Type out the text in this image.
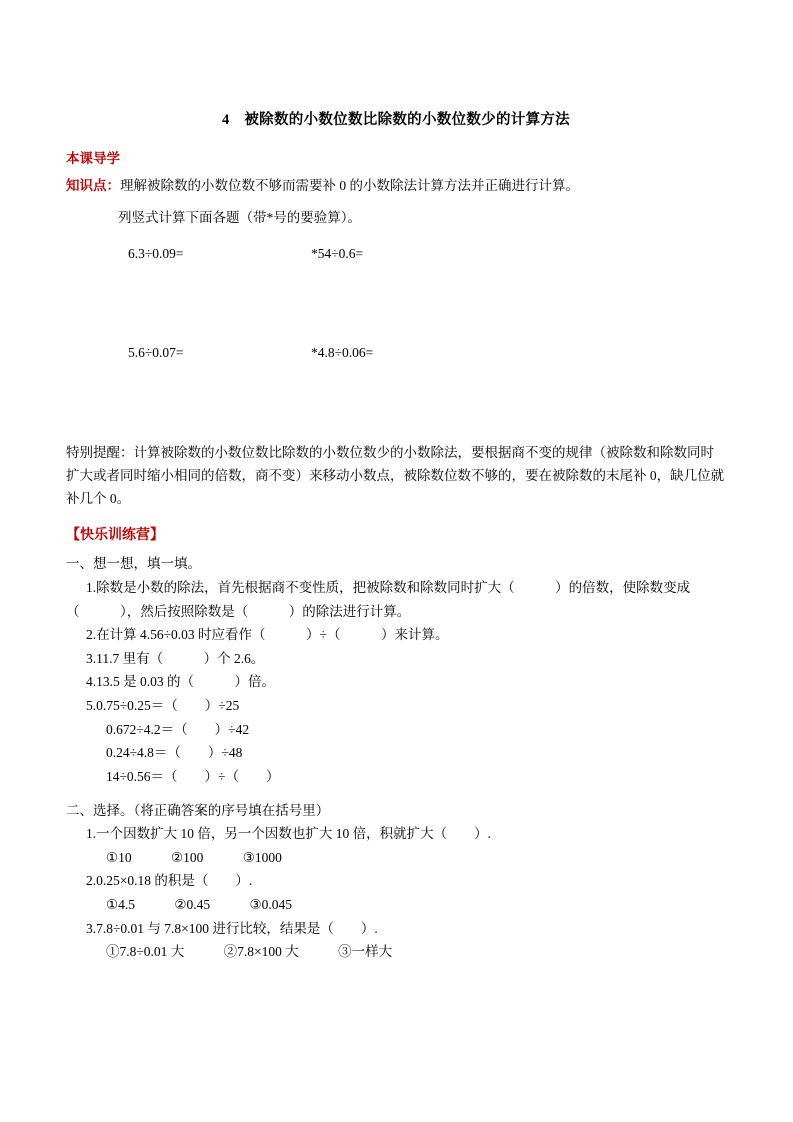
4　被除数的小数位数比除数的小数位数少的计算方法
本课导学
知识点：理解被除数的小数位数不够而需要补 0 的小数除法计算方法并正确进行计算。
列竖式计算下面各题（带*号的要验算）。
6.3÷0.09=	*54÷0.6=
5.6÷0.07=	*4.8÷0.06=
特别提醒：计算被除数的小数位数比除数的小数位数少的小数除法，要根据商不变的规律（被除数和除数同时扩大或者同时缩小相同的倍数，商不变）来移动小数点，被除数位数不够的，要在被除数的末尾补 0，缺几位就补几个 0。
【快乐训练营】
一、想一想，填一填。
1.除数是小数的除法，首先根据商不变性质，把被除数和除数同时扩大（　　　）的倍数，使除数变成
（　　　），然后按照除数是（　　　）的除法进行计算。
2.在计算 4.56÷0.03 时应看作（　　　）÷（　　　）来计算。
3.11.7 里有（　　　）个 2.6。
4.13.5 是 0.03 的（　　　）倍。
5.0.75÷0.25＝（　　）÷25
0.672÷4.2＝（　　）÷42
0.24÷4.8＝（　　）÷48
14÷0.56＝（　　）÷（　　）
二、选择。（将正确答案的序号填在括号里）
1.一个因数扩大 10 倍，另一个因数也扩大 10 倍，积就扩大（　　）.
①10	②100	③1000
2.0.25×0.18 的积是（　　）.
①4.5	②0.45	③0.045
3.7.8÷0.01 与 7.8×100 进行比较，结果是（　　）.
①7.8÷0.01 大	②7.8×100 大	③一样大
